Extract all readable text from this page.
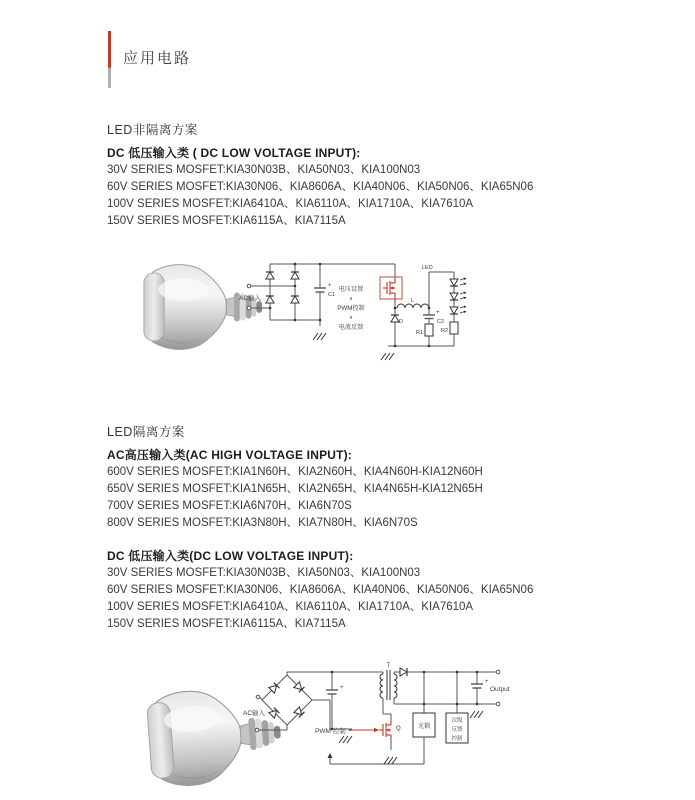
应用电路
LED非隔离方案
DC 低压输入类 ( DC LOW VOLTAGE INPUT):
30V SERIES MOSFET:KIA30N03B、KIA50N03、KIA100N03
60V SERIES MOSFET:KIA30N06、KIA8606A、KIA40N06、KIA50N06、KIA65N06
100V SERIES MOSFET:KIA6410A、KIA6110A、KIA1710A、KIA7610A
150V SERIES MOSFET:KIA6115A、KIA7115A
AC输入
电压设置
∨
PWM控制
∧
电流反馈
+
C1
LED
L
+
C2
R1	R2
D
LED隔离方案
AC高压输入类(AC HIGH VOLTAGE INPUT):
600V SERIES MOSFET:KIA1N60H、KIA2N60H、KIA4N60H-KIA12N60H
650V SERIES MOSFET:KIA1N65H、KIA2N65H、KIA4N65H-KIA12N65H
700V SERIES MOSFET:KIA6N70H、KIA6N70S
800V SERIES MOSFET:KIA3N80H、KIA7N80H、KIA6N70S
DC 低压输入类(DC LOW VOLTAGE INPUT):
30V SERIES MOSFET:KIA30N03B、KIA50N03、KIA100N03
60V SERIES MOSFET:KIA30N06、KIA8606A、KIA40N06、KIA50N06、KIA65N06
100V SERIES MOSFET:KIA6410A、KIA6110A、KIA1710A、KIA7610A
150V SERIES MOSFET:KIA6115A、KIA7115A
AC输入
T
+
+
Output
光耦
次级
反馈
控制
PWM 控制	Q
